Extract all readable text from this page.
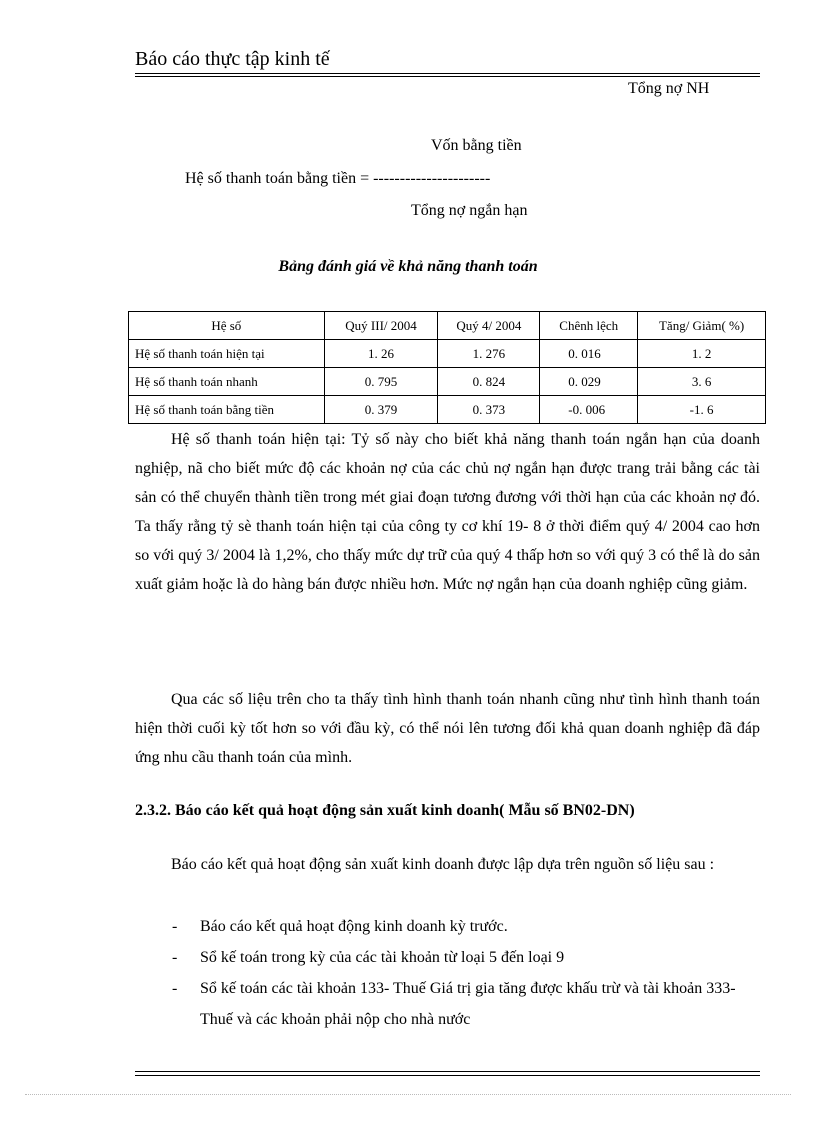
Báo cáo thực tập kinh tế
Tổng nợ NH
Vốn bằng tiền
Hệ số thanh toán bằng tiền = ----------------------
Tổng nợ ngắn hạn
Bảng đánh giá về khả năng thanh toán
Hệ số	Quý III/ 2004	Quý 4/ 2004	Chênh lệch	Tăng/ Giảm( %)
Hệ số thanh toán hiện tại	1. 26	1. 276	0. 016	1. 2
Hệ số thanh toán nhanh	0. 795	0. 824	0. 029	3. 6
Hệ số thanh toán bằng tiền	0. 379	0. 373	-0. 006	-1. 6

Hệ số thanh toán hiện tại: Tỷ số này cho biết khả năng thanh toán ngắn hạn của doanh nghiệp, nã cho biết mức độ các khoản nợ của các chủ nợ ngắn hạn được trang trải bằng các tài sản có thể chuyển thành tiền trong mét giai đoạn tương đương với thời hạn của các khoản nợ đó. Ta thấy rằng tỷ sè thanh toán hiện tại của công ty cơ khí 19- 8 ở thời điểm quý 4/ 2004 cao hơn so với quý 3/ 2004 là 1,2%, cho thấy mức dự trữ của quý 4 thấp hơn so với quý 3 có thể là do sản xuất giảm hoặc là do hàng bán được nhiều hơn. Mức nợ ngắn hạn của doanh nghiệp cũng giảm.

Qua các số liệu trên cho ta thấy tình hình thanh toán nhanh cũng như tình hình thanh toán hiện thời cuối kỳ tốt hơn so với đầu kỳ, có thể nói lên tương đối khả quan doanh nghiệp đã đáp ứng nhu cầu thanh toán của mình.

2.3.2. Báo cáo kết quả hoạt động sản xuất kinh doanh( Mẫu số BN02-DN)

Báo cáo kết quả hoạt động sản xuất kinh doanh được lập dựa trên nguồn số liệu sau :

- Báo cáo kết quả hoạt động kinh doanh kỳ trước.
- Sổ kế toán trong kỳ của các tài khoản từ loại 5 đến loại 9
- Sổ kế toán các tài khoản 133- Thuế Giá trị gia tăng được khấu trừ và tài khoản 333- Thuế và các khoản phải nộp cho nhà nước
